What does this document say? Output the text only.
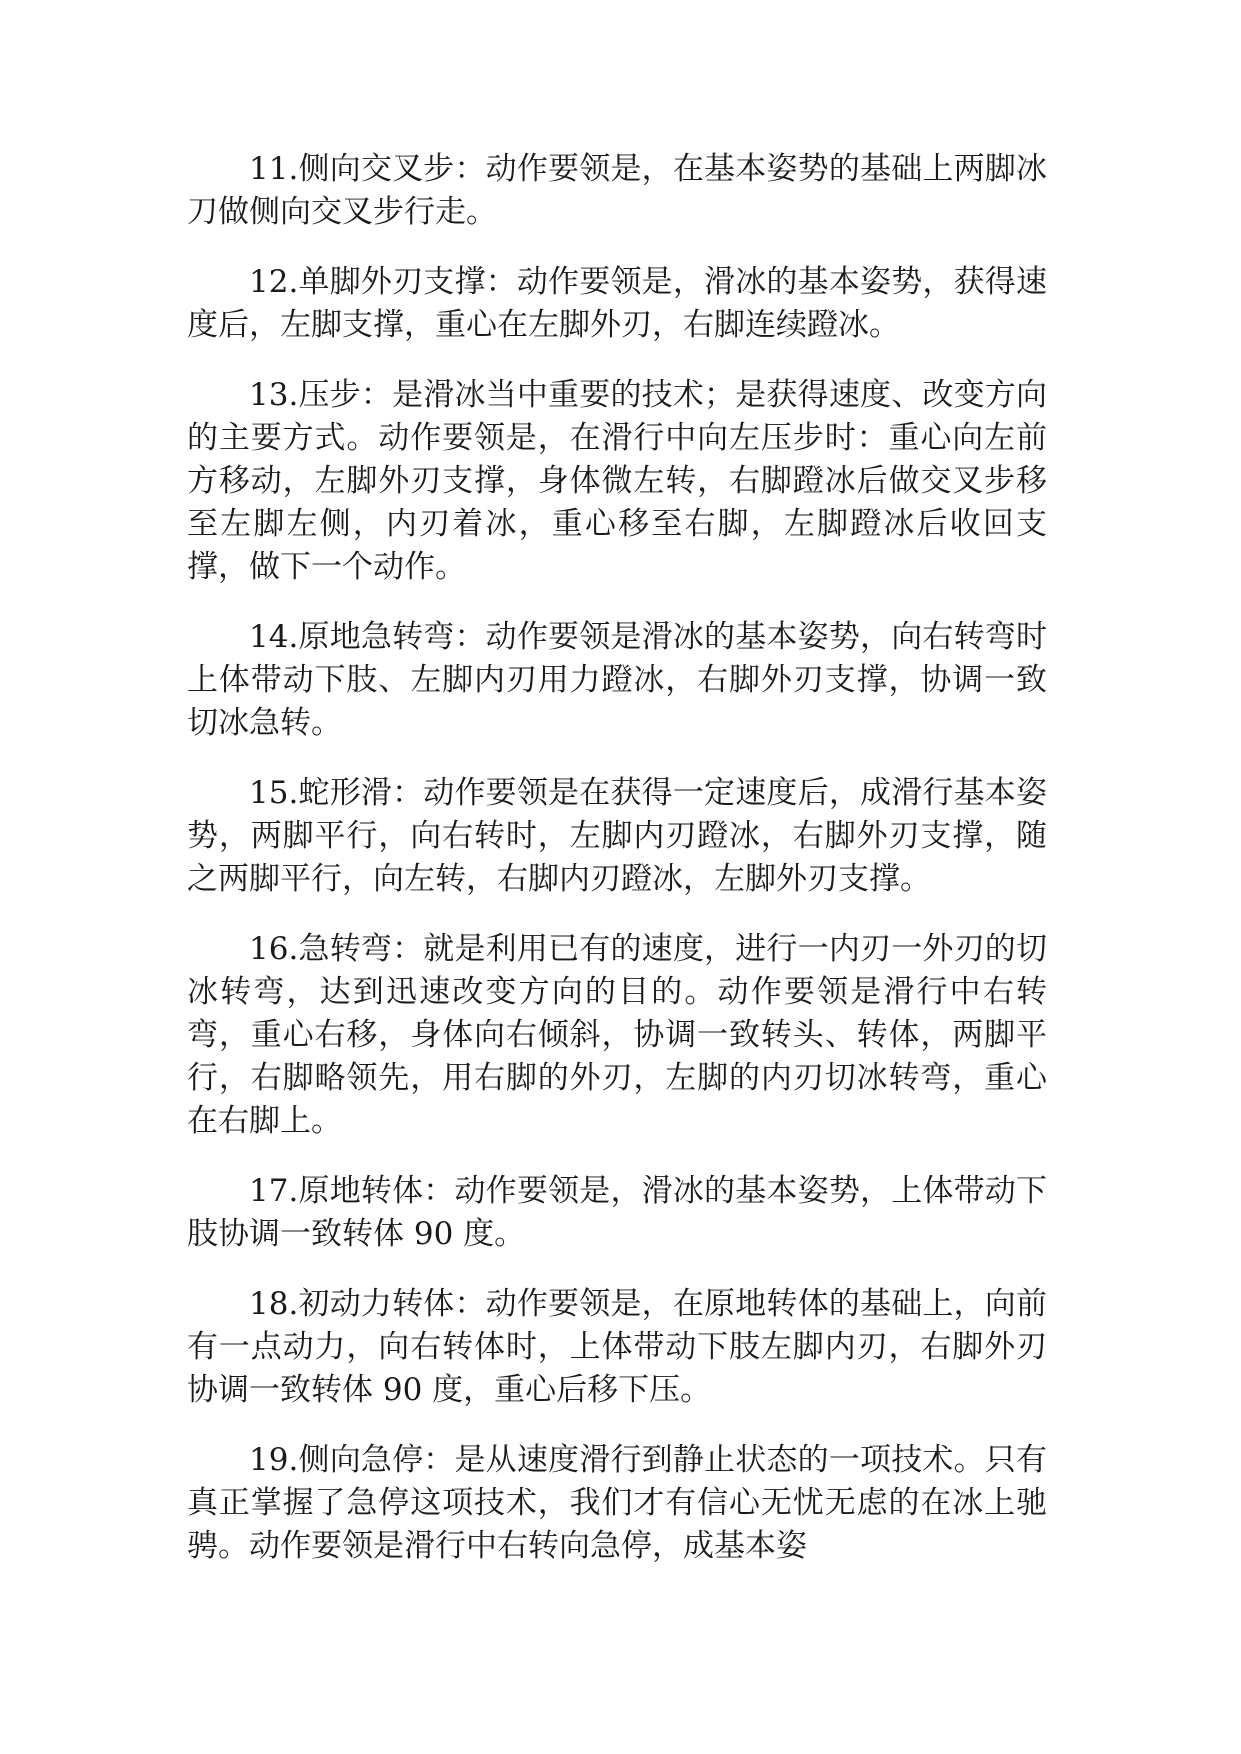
11.侧向交叉步：动作要领是，在基本姿势的基础上两脚冰刀做侧向交叉步行走。

12.单脚外刃支撑：动作要领是，滑冰的基本姿势，获得速度后，左脚支撑，重心在左脚外刃，右脚连续蹬冰。

13.压步：是滑冰当中重要的技术；是获得速度、改变方向的主要方式。动作要领是，在滑行中向左压步时：重心向左前方移动，左脚外刃支撑，身体微左转，右脚蹬冰后做交叉步移至左脚左侧，内刃着冰，重心移至右脚，左脚蹬冰后收回支撑，做下一个动作。

14.原地急转弯：动作要领是滑冰的基本姿势，向右转弯时上体带动下肢、左脚内刃用力蹬冰，右脚外刃支撑，协调一致切冰急转。

15.蛇形滑：动作要领是在获得一定速度后，成滑行基本姿势，两脚平行，向右转时，左脚内刃蹬冰，右脚外刃支撑，随之两脚平行，向左转，右脚内刃蹬冰，左脚外刃支撑。

16.急转弯：就是利用已有的速度，进行一内刃一外刃的切冰转弯，达到迅速改变方向的目的。动作要领是滑行中右转弯，重心右移，身体向右倾斜，协调一致转头、转体，两脚平行，右脚略领先，用右脚的外刃，左脚的内刃切冰转弯，重心在右脚上。

17.原地转体：动作要领是，滑冰的基本姿势，上体带动下肢协调一致转体 90 度。

18.初动力转体：动作要领是，在原地转体的基础上，向前有一点动力，向右转体时，上体带动下肢左脚内刃，右脚外刃协调一致转体 90 度，重心后移下压。

19.侧向急停：是从速度滑行到静止状态的一项技术。只有真正掌握了急停这项技术，我们才有信心无忧无虑的在冰上驰骋。动作要领是滑行中右转向急停，成基本姿
